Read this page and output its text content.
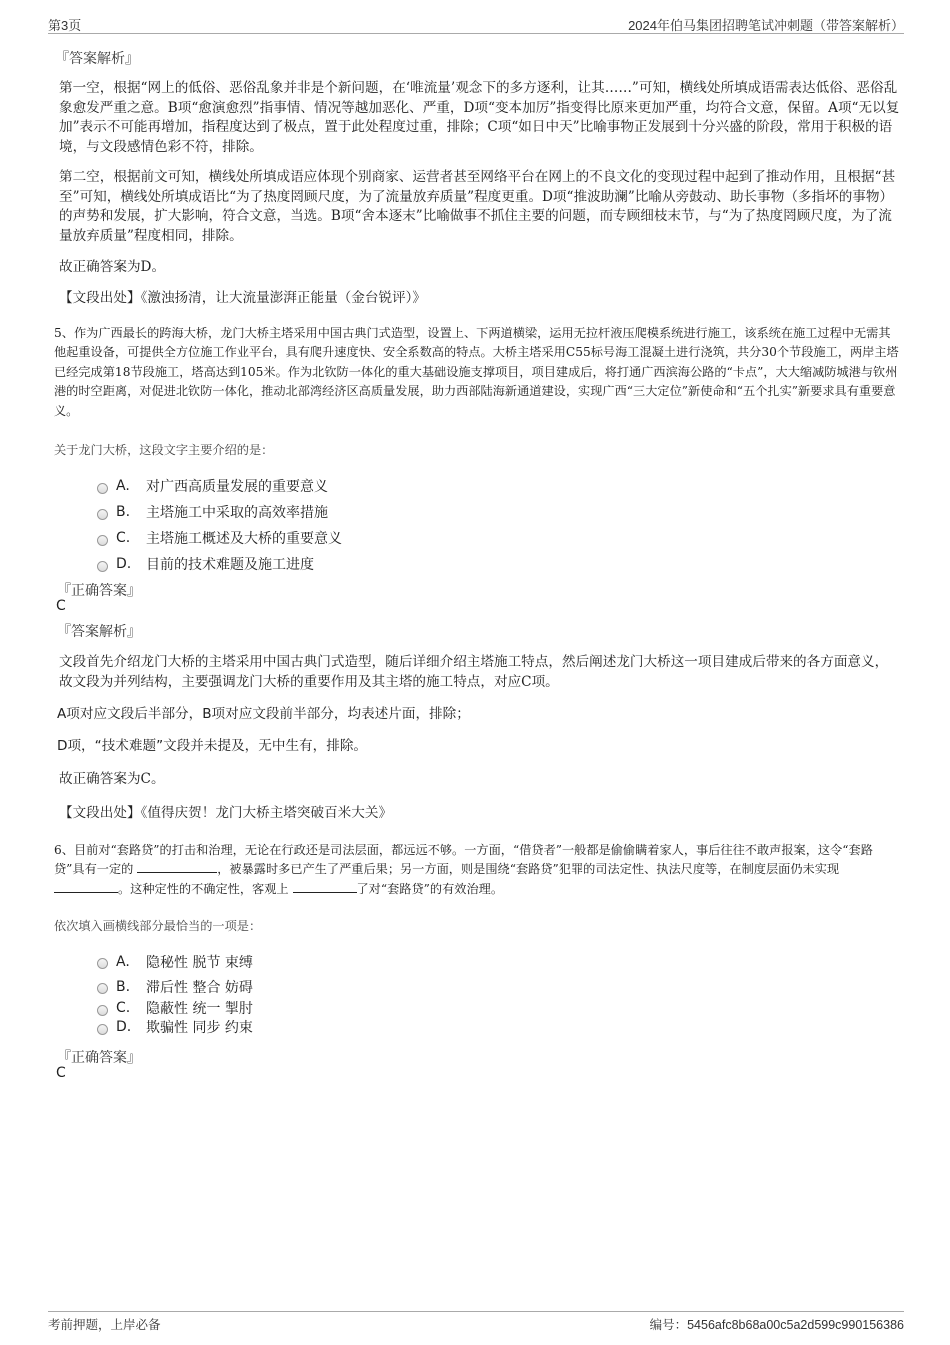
第3页	2024年伯马集团招聘笔试冲刺题（带答案解析）
『答案解析』

第一空，根据“网上的低俗、恶俗乱象并非是个新问题，在‘唯流量’观念下的多方逐利，让其……”可知，横线处所填成语需表达低俗、恶俗乱象愈发严重之意。B项“愈演愈烈”指事情、情况等越加恶化、严重，D项“变本加厉”指变得比原来更加严重，均符合文意，保留。A项“无以复加”表示不可能再增加，指程度达到了极点，置于此处程度过重，排除；C项“如日中天”比喻事物正发展到十分兴盛的阶段，常用于积极的语境，与文段感情色彩不符，排除。

第二空，根据前文可知，横线处所填成语应体现个别商家、运营者甚至网络平台在网上的不良文化的变现过程中起到了推动作用，且根据“甚至”可知，横线处所填成语比“为了热度罔顾尺度，为了流量放弃质量”程度更重。D项“推波助澜”比喻从旁鼓动、助长事物（多指坏的事物）的声势和发展，扩大影响，符合文意，当选。B项“舍本逐末”比喻做事不抓住主要的问题，而专顾细枝末节，与“为了热度罔顾尺度，为了流量放弃质量”程度相同，排除。

故正确答案为D。

【文段出处】《激浊扬清，让大流量澎湃正能量（金台锐评）》

5、作为广西最长的跨海大桥，龙门大桥主塔采用中国古典门式造型，设置上、下两道横梁，运用无拉杆液压爬模系统进行施工，该系统在施工过程中无需其他起重设备，可提供全方位施工作业平台，具有爬升速度快、安全系数高的特点。大桥主塔采用C55标号海工混凝土进行浇筑，共分30个节段施工，两岸主塔已经完成第18节段施工，塔高达到105米。作为北钦防一体化的重大基础设施支撑项目，项目建成后，将打通广西滨海公路的“卡点”，大大缩减防城港与钦州港的时空距离，对促进北钦防一体化，推动北部湾经济区高质量发展，助力西部陆海新通道建设，实现广西“三大定位”新使命和“五个扎实”新要求具有重要意义。

关于龙门大桥，这段文字主要介绍的是：

A.	对广西高质量发展的重要意义
B.	主塔施工中采取的高效率措施
C.	主塔施工概述及大桥的重要意义
D.	目前的技术难题及施工进度
『正确答案』
C
『答案解析』

文段首先介绍龙门大桥的主塔采用中国古典门式造型，随后详细介绍主塔施工特点，然后阐述龙门大桥这一项目建成后带来的各方面意义，故文段为并列结构，主要强调龙门大桥的重要作用及其主塔的施工特点，对应C项。

A项对应文段后半部分，B项对应文段前半部分，均表述片面，排除；

D项，“技术难题”文段并未提及，无中生有，排除。

故正确答案为C。

【文段出处】《值得庆贺！龙门大桥主塔突破百米大关》

6、目前对“套路贷”的打击和治理，无论在行政还是司法层面，都远远不够。一方面，“借贷者”一般都是偷偷瞒着家人，事后往往不敢声报案，这令“套路贷”具有一定的	，被暴露时多已产生了严重后果；另一方面，则是围绕“套路贷”犯罪的司法定性、执法尺度等，在制度层面仍未实现 。这种定性的不确定性，客观上	了对“套路贷”的有效治理。

依次填入画横线部分最恰当的一项是：

A.	隐秘性 脱节 束缚
B.	滞后性 整合 妨碍
C.	隐蔽性 统一 掣肘
D.	欺骗性 同步 约束
『正确答案』
C
考前押题，上岸必备	编号：5456afc8b68a00c5a2d599c990156386
